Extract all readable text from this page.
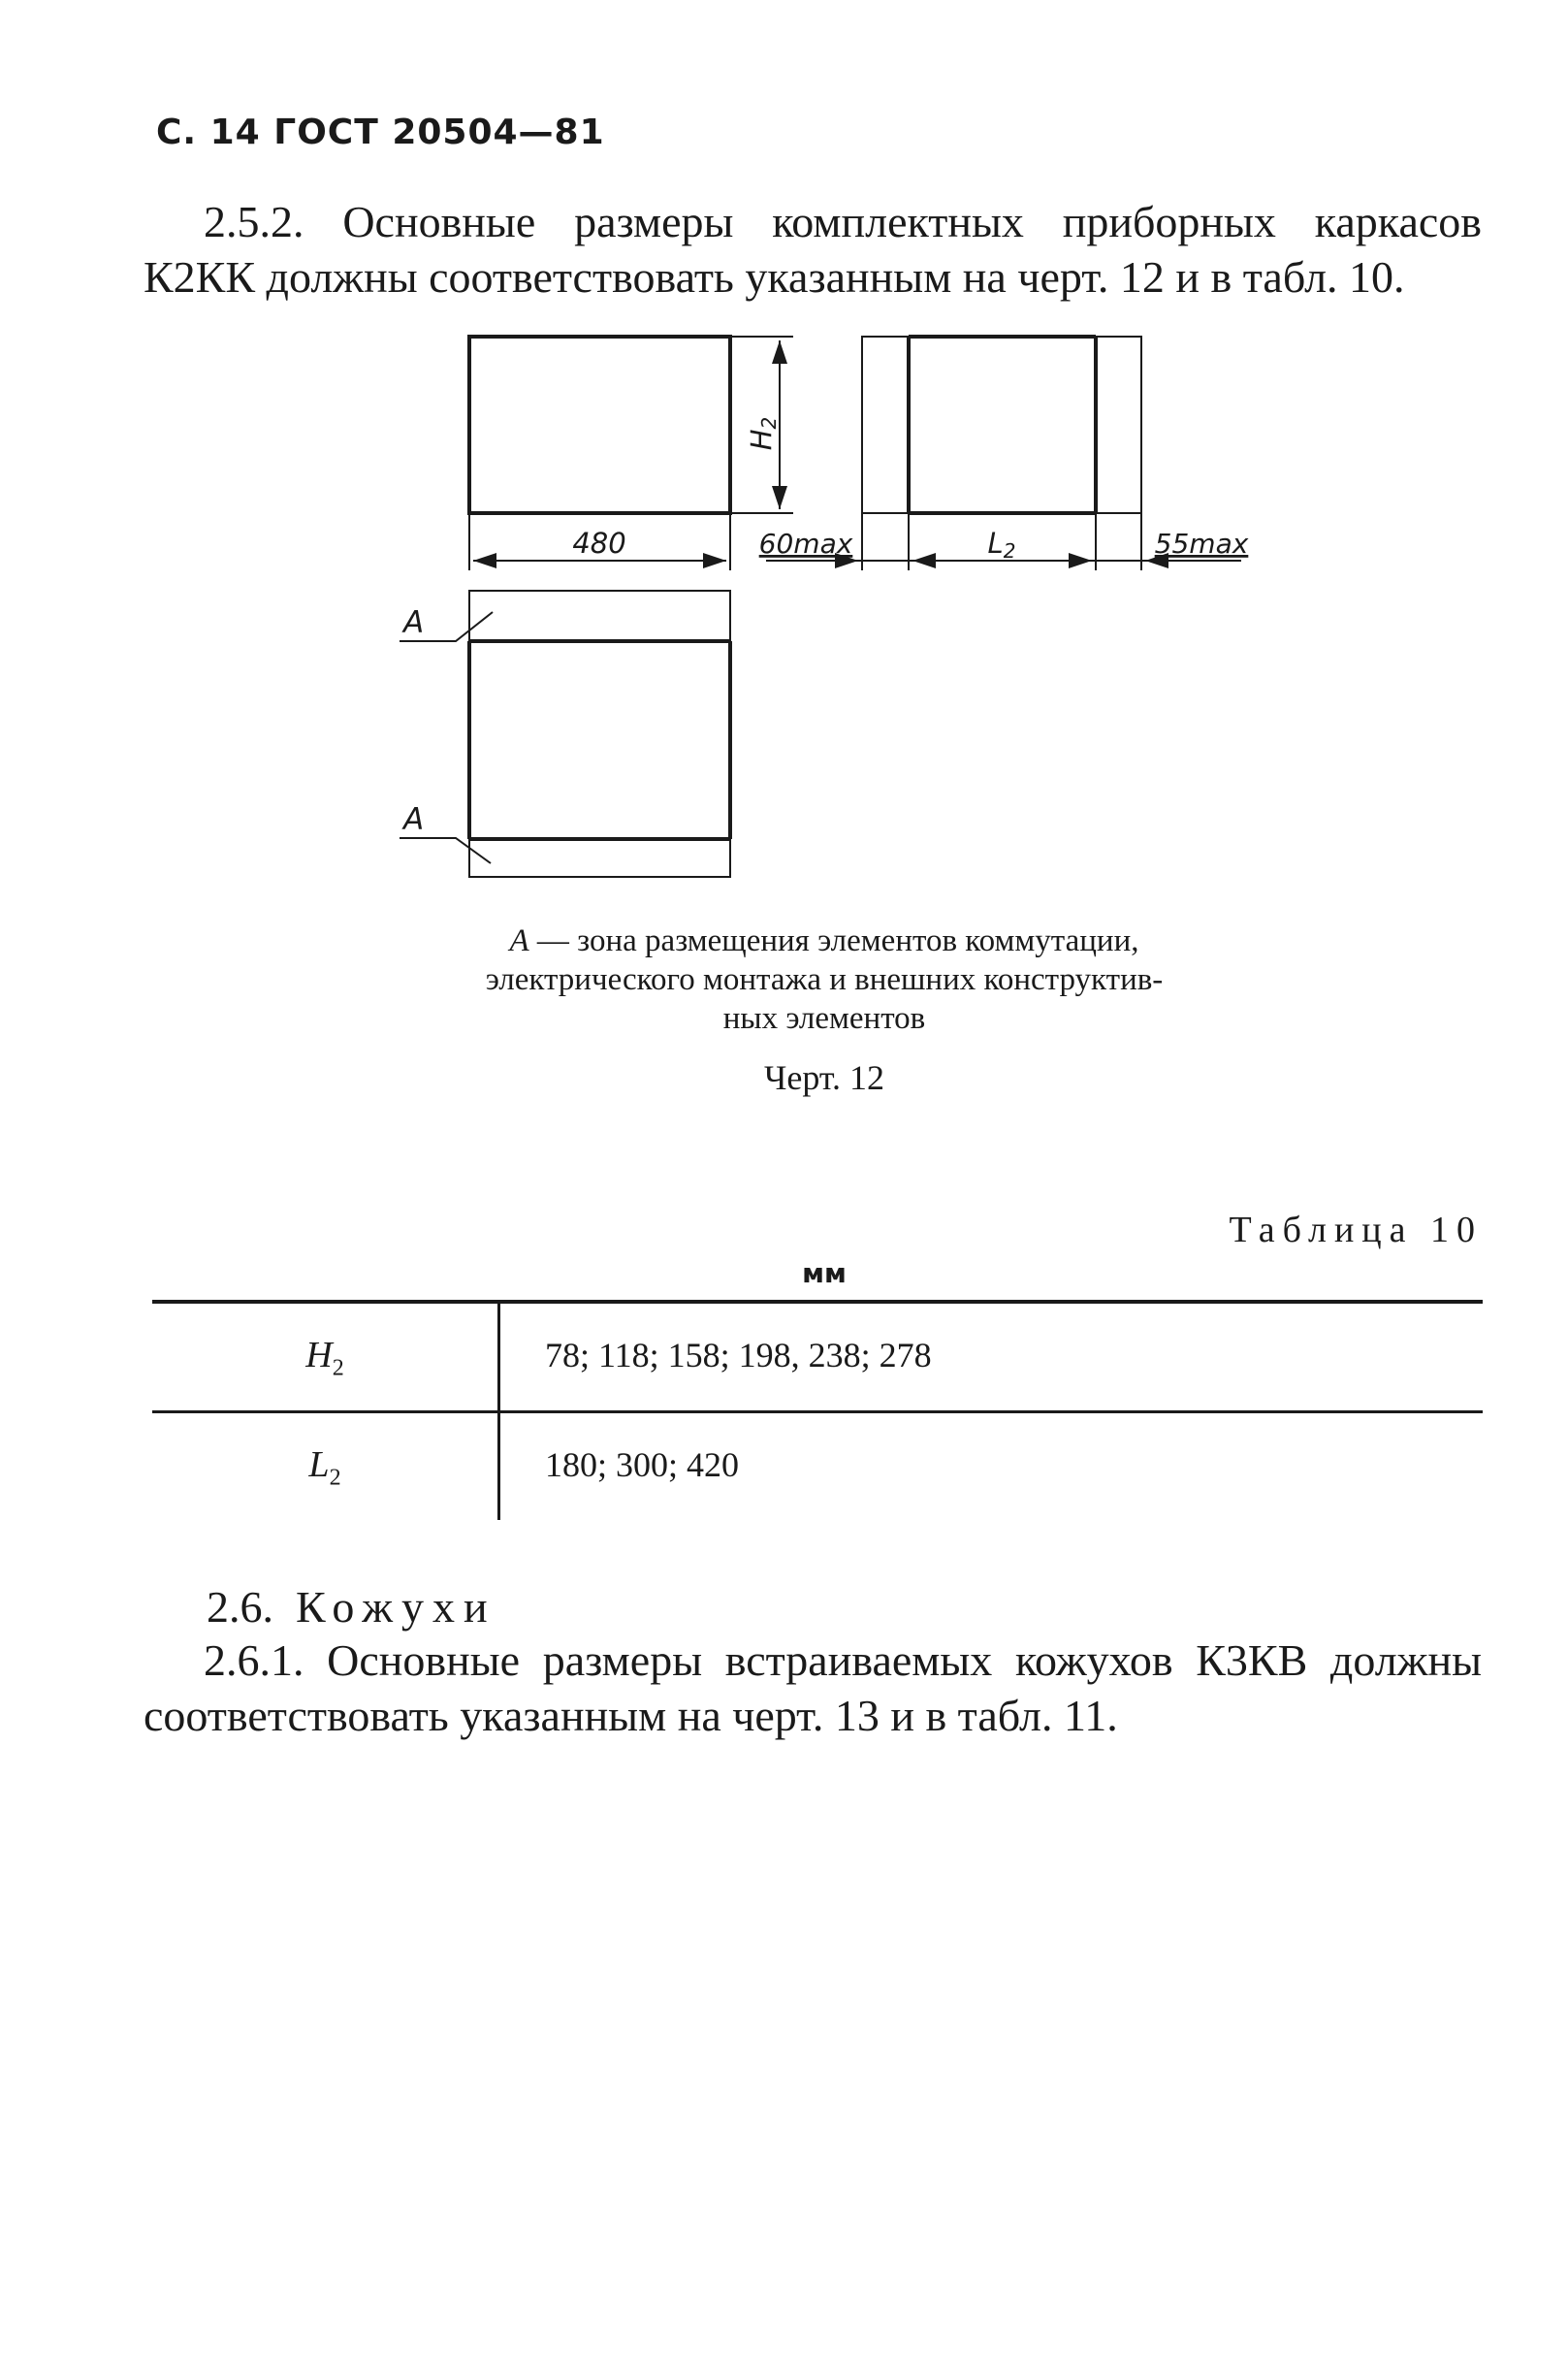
С. 14 ГОСТ 20504—81
2.5.2. Основные размеры комплектных приборных каркасов
К2КК должны соответствовать указанным на черт. 12 и в табл. 10.
480
H2
60max	L2	55max
А
А
А — зона размещения элементов коммутации,
электрического монтажа и внешних конструктив-
ных элементов
Черт. 12
Таблица 10
мм
$H_2$	78; 118; 158; 198, 238; 278
$L_2$	180; 300; 420
2.6. Кожухи
2.6.1. Основные размеры встраиваемых кожухов К3КВ должны
соответствовать указанным на черт. 13 и в табл. 11.
